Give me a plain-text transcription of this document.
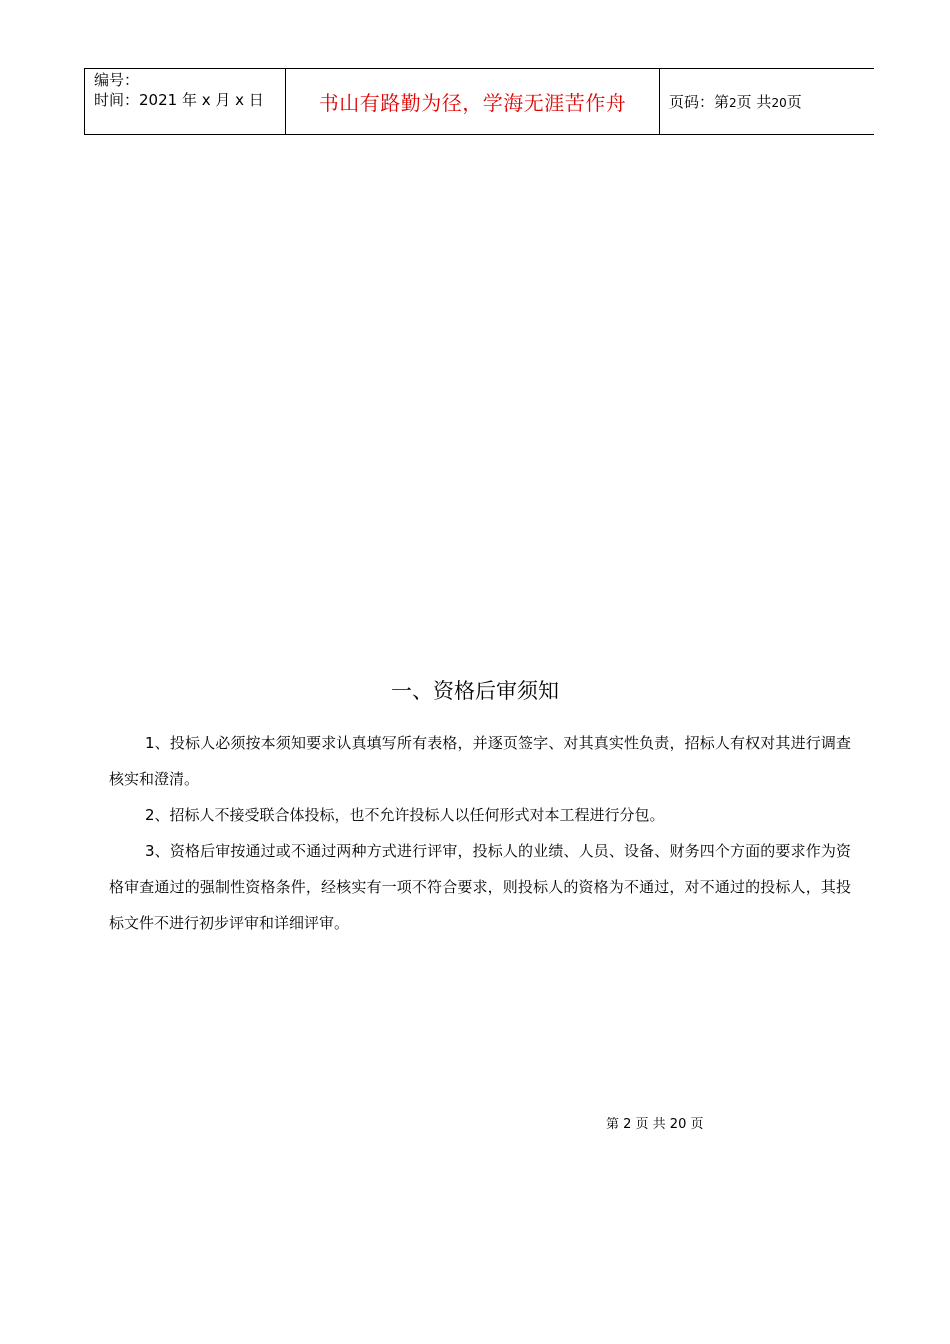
编号：
时间：2021 年 x 月 x 日	书山有路勤为径，学海无涯苦作舟	页码：第2页 共20页
一、资格后审须知

1、投标人必须按本须知要求认真填写所有表格，并逐页签字、对其真实性负责，招标人有权对其进行调查核实和澄清。

2、招标人不接受联合体投标，也不允许投标人以任何形式对本工程进行分包。

3、资格后审按通过或不通过两种方式进行评审，投标人的业绩、人员、设备、财务四个方面的要求作为资格审查通过的强制性资格条件，经核实有一项不符合要求，则投标人的资格为不通过，对不通过的投标人，其投标文件不进行初步评审和详细评审。

第 2 页 共 20 页
